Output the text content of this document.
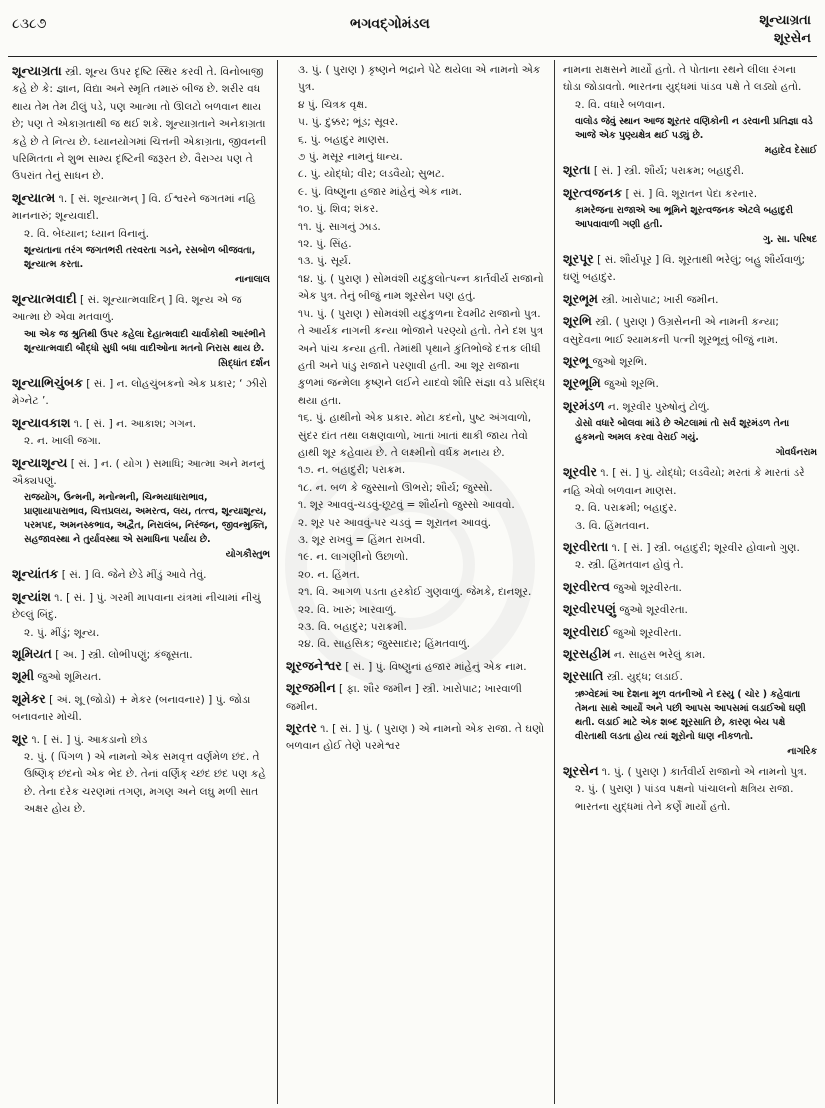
૮૩૮૭	ભગવદ્ગોમંડલ	શૂન્યાગ્રતા
શૂરસેન
શૂન્યાગ્રતા સ્ત્રી. શૂન્ય ઉપર દૃષ્ટિ સ્થિર કરવી તે. વિનોબાજી કહે છે કે: જ્ઞાન, વિદ્યા અને સ્મૃતિ તમારું બીજ છે. શરીર વધ થાય તેમ તેમ ઢીલું પડે, પણ આત્મા તો ઊલટો બળવાન થાય છે; પણ તે એકાગ્રતાથી જ થઈ શકે. શૂન્યાગ્રતાને અનેકાગ્રતા કહે છે તે નિત્ય છે. ધ્યાનયોગમાં ચિત્તની એકાગ્રતા, જીવનની પરિમિતતા ને શુભ સામ્ય દૃષ્ટિની જરૂરત છે. વૈરાગ્ય પણ તે ઉપરાંત તેનું સાધન છે.
શૂન્યાત્મ ૧. [ સં. શૂન્યાત્મન્ ] વિ. ઈશ્વરને જગતમાં નહિ માનનારું; શૂન્યવાદી.
૨. વિ. બેધ્યાન; ધ્યાન વિનાનું.
શૂન્યતાના તરંગ જગતભરી તરવરતા ગડને, રસબોળ બીજવતા, શૂન્યાત્મ કરતા.
નાનાલાલ
શૂન્યાત્મવાદી [ સં. શૂન્યાત્મવાદિન્ ] વિ. શૂન્ય એ જ આત્મા છે એવા મતવાળું.
આ એક જ શ્રુતિથી ઉપર કહેલા દેહાત્મવાદી ચાર્વાકોથી આરંભીને શૂન્યાત્મવાદી બૌદ્ધો સુધી બધા વાદીઓના મતનો નિરાસ થાય છે.
સિદ્ધાંત દર્શન
શૂન્યાભિચુંબક [ સં. ] ન. લોહચુંબકનો એક પ્રકાર; ‘ ઝીરો મેગ્નેટ ’.
શૂન્યાવકાશ ૧. [ સં. ] ન. આકાશ; ગગન.
૨. ન. ખાલી જગા.
શૂન્યાશૂન્ય [ સં. ] ન. ( યોગ ) સમાધિ; આત્મા અને મનનું ઐક્યપણું.
રાજયોગ, ઉન્મની, મનોન્મની, ચિન્મયાધારાભાવ, પ્રાણાયાપારાભાવ, ચિત્તપ્રલય, અમરત્વ, લય, તત્ત્વ, શૂન્યાશૂન્ય, પરમપદ, અમનસ્કભાવ, અદ્વૈત, નિરાલંબ, નિરંજન, જીવન્મુક્તિ, સહજાવસ્થા ને તુર્યાવસ્થા એ સમાધિના પર્યાય છે.
યોગકૌસ્તુભ
શૂન્યાંતક [ સં. ] વિ. જેને છેડે મીંડું આવે તેવું.
શૂન્યાંશ ૧. [ સં. ] પું. ગરમી માપવાના યંત્રમાં નીચામાં નીચું છેલ્લું બિંદુ.
૨. પું. મીંડું; શૂન્ય.
શૂમિયત [ અ. ] સ્ત્રી. લોભીપણું; કંજૂસતા.
શૂમી જુઓ શૂમિયત.
શૂમેકર [ અં. શૂ (જોડો) + મેકર (બનાવનાર) ] પું. જોડા બનાવનાર મોચી.
શૂર ૧. [ સં. ] પું. આકડાનો છોડ
૨. પું. ( પિંગળ ) એ નામનો એક સમવૃત્ત વર્ણમેળ છંદ. તે ઉષ્ણિક્ છંદનો એક ભેદ છે. તેનાં વર્ણિક્ ચ્છંદ છંદ પણ કહે છે. તેના દરેક ચરણમાં તગણ, મગણ અને લઘુ મળી સાત અક્ષર હોય છે.
૩. પું. ( પુરાણ ) કૃષ્ણને ભદ્રાને પેટે થયેલા એ નામનો એક પુત્ર.
૪ પું. ચિત્રક વૃક્ષ.
૫. પું. દુક્કર; ભૂંડ; સૂવર.
૬. પું. બહાદુર માણસ.
૭ પું. મસૂર નામનું ધાન્ય.
૮. પું. યોદ્ધો; વીર; લડવૈયો; સુભટ.
૯. પું. વિષ્ણુના હજાર માંહેનું એક નામ.
૧૦. પું. શિવ; શંકર.
૧૧. પું. સાગનું ઝાડ.
૧૨. પું. સિંહ.
૧૩. પું. સૂર્ય.
૧૪. પું. ( પુરાણ ) સોમવંશી યદુકુલોત્પન્ન કાર્તવીર્ય રાજાનો એક પુત્ર. તેનું બીજું નામ શૂરસેન પણ હતું.
૧૫. પું. ( પુરાણ ) સોમવંશી યદુકુળના દેવમીઢ રાજાનો પુત્ર. તે આર્યક નાગની કન્યા ભોજાને પરણ્યો હતો. તેને દશ પુત્ર અને પાંચ કન્યા હતી. તેમાંથી પૃથાને કુંતિભોજે દત્તક લીધી હતી અને પાંડુ રાજાને પરણાવી હતી. આ શૂર રાજાના કુળમાં જન્મેલા કૃષ્ણને લઈને યાદવો શૌરિ સંજ્ઞા વડે પ્રસિદ્ધ થયા હતા.
૧૬. પું. હાથીનો એક પ્રકાર. મોટા કદનો, પુષ્ટ અંગવાળો, સુંદર દાંત તથા લક્ષણવાળો, ખાતાં ખાતાં થાકી જાય તેવો હાથી શૂર કહેવાય છે. તે લક્ષ્મીનો વર્ધક મનાય છે.
૧૭. ન. બહાદુરી; પરાક્રમ.
૧૮. ન. બળ કે જુસ્સાનો ઊભરો; શૌર્ય; જુસ્સો.
૧. શૂર આવવું-ચડવું-છૂટવું = શૌર્યનો જુસ્સો આવવો.
૨. શૂર પર આવવું-પર ચડવું = શૂરાતન આવવું.
૩. શૂર રાખવું = હિંમત રાખવી.
૧૯. ન. લાગણીનો ઉછાળો.
૨૦. ન. હિંમત.
૨૧. વિ. આગળ પડતા હરકોઈ ગુણવાળું. જેમકે, દાનશૂર.
૨૨. વિ. ખારું; ખારવાળું.
૨૩. વિ. બહાદુર; પરાક્રમી.
૨૪. વિ. સાહસિક; જુસ્સાદાર; હિંમતવાળું.
શૂરજનેશ્વર [ સં. ] પું. વિષ્ણુનાં હજાર માંહેનું એક નામ.
શૂરજમીન [ ફા. શૌર જમીન ] સ્ત્રી. ખારોપાટ; ખારવાળી જમીન.
શૂરતર ૧. [ સં. ] પું. ( પુરાણ ) એ નામનો એક રાજા. તે ઘણો બળવાન હોઈ તેણે પરમેશ્વર
નામના રાક્ષસને માર્યો હતો. તે પોતાના રથને લીલા રંગના ઘોડા જોડાવતો. ભારતના યુદ્ધમાં પાંડવ પક્ષે તે લડ્યો હતો.
૨. વિ. વધારે બળવાન.
વાલોડ જેવું સ્થાન આજ શૂરતર વણિકોની ન ડરવાની પ્રતિજ્ઞા વડે આજે એક પુણ્યક્ષેત્ર થઈ પડ્યું છે.
મહાદેવ દેસાઈ
શૂરતા [ સં. ] સ્ત્રી. શૌર્ય; પરાક્રમ; બહાદુરી.
શૂરત્વજનક [ સં. ] વિ. શૂરાતન પેદા કરનાર.
કામરેજના રાજાએ આ ભૂમિને શૂરત્વજનક એટલે બહાદુરી આપવાવાળી ગણી હતી.
ગુ. સા. પરિષદ
શૂરપૂર [ સં. શૌર્યપૂર ] વિ. શૂરતાથી ભરેલું; બહુ શૌર્યવાળું; ઘણું બહાદુર.
શૂરભૂમ સ્ત્રી. ખારોપાટ; ખારી જમીન.
શૂરભિ સ્ત્રી. ( પુરાણ ) ઉગ્રસેનની એ નામની કન્યા; વસુદેવના ભાઈ શ્યામકની પત્ની શૂરભૂનું બીજું નામ.
શૂરભૂ જુઓ શૂરભિ.
શૂરભૂમિ જુઓ શૂરભિ.
શૂરમંડળ ન. શૂરવીર પુરુષોનું ટોળું.
ડોસો વધારે બોલવા માંડે છે એટલામાં તો સર્વ શૂરમંડળ તેના હુકમનો અમલ કરવા વેરાઈ ગયું.
ગોવર્ધનરામ
શૂરવીર ૧. [ સં. ] પું. યોદ્ધો; લડવૈયો; મરતાં કે મારતાં ડરે નહિ એવો બળવાન માણસ.
૨. વિ. પરાક્રમી; બહાદુર.
૩. વિ. હિંમતવાન.
શૂરવીરતા ૧. [ સં. ] સ્ત્રી. બહાદુરી; શૂરવીર હોવાનો ગુણ.
૨. સ્ત્રી. હિંમતવાન હોવું તે.
શૂરવીરત્વ જુઓ શૂરવીરતા.
શૂરવીરપણું જુઓ શૂરવીરતા.
શૂરવીરાઈ જુઓ શૂરવીરતા.
શૂરસહીમ ન. સાહસ ભરેલું કામ.
શૂરસાતિ સ્ત્રી. યુદ્ધ; લડાઈ.
ઋગ્વેદમાં આ દેશના મૂળ વતનીઓ ને દસ્યુ ( ચોર ) કહેવાતા તેમના સાથે આર્યો અને પછી આપસ આપસમાં લડાઈઓ ઘણી થતી. લડાઈ માટે એક શબ્દ શૂરસાતિ છે, કારણ બેય પક્ષે વીરતાથી લડતા હોય ત્યાં શૂરોનો ધાણ નીકળતો.
નાગરિક
શૂરસેન ૧. પું. ( પુરાણ ) કાર્તવીર્ય રાજાનો એ નામનો પુત્ર.
૨. પું. ( પુરાણ ) પાંડવ પક્ષનો પાંચાલનો ક્ષત્રિય રાજા. ભારતના યુદ્ધમાં તેને કર્ણે માર્યો હતો.
